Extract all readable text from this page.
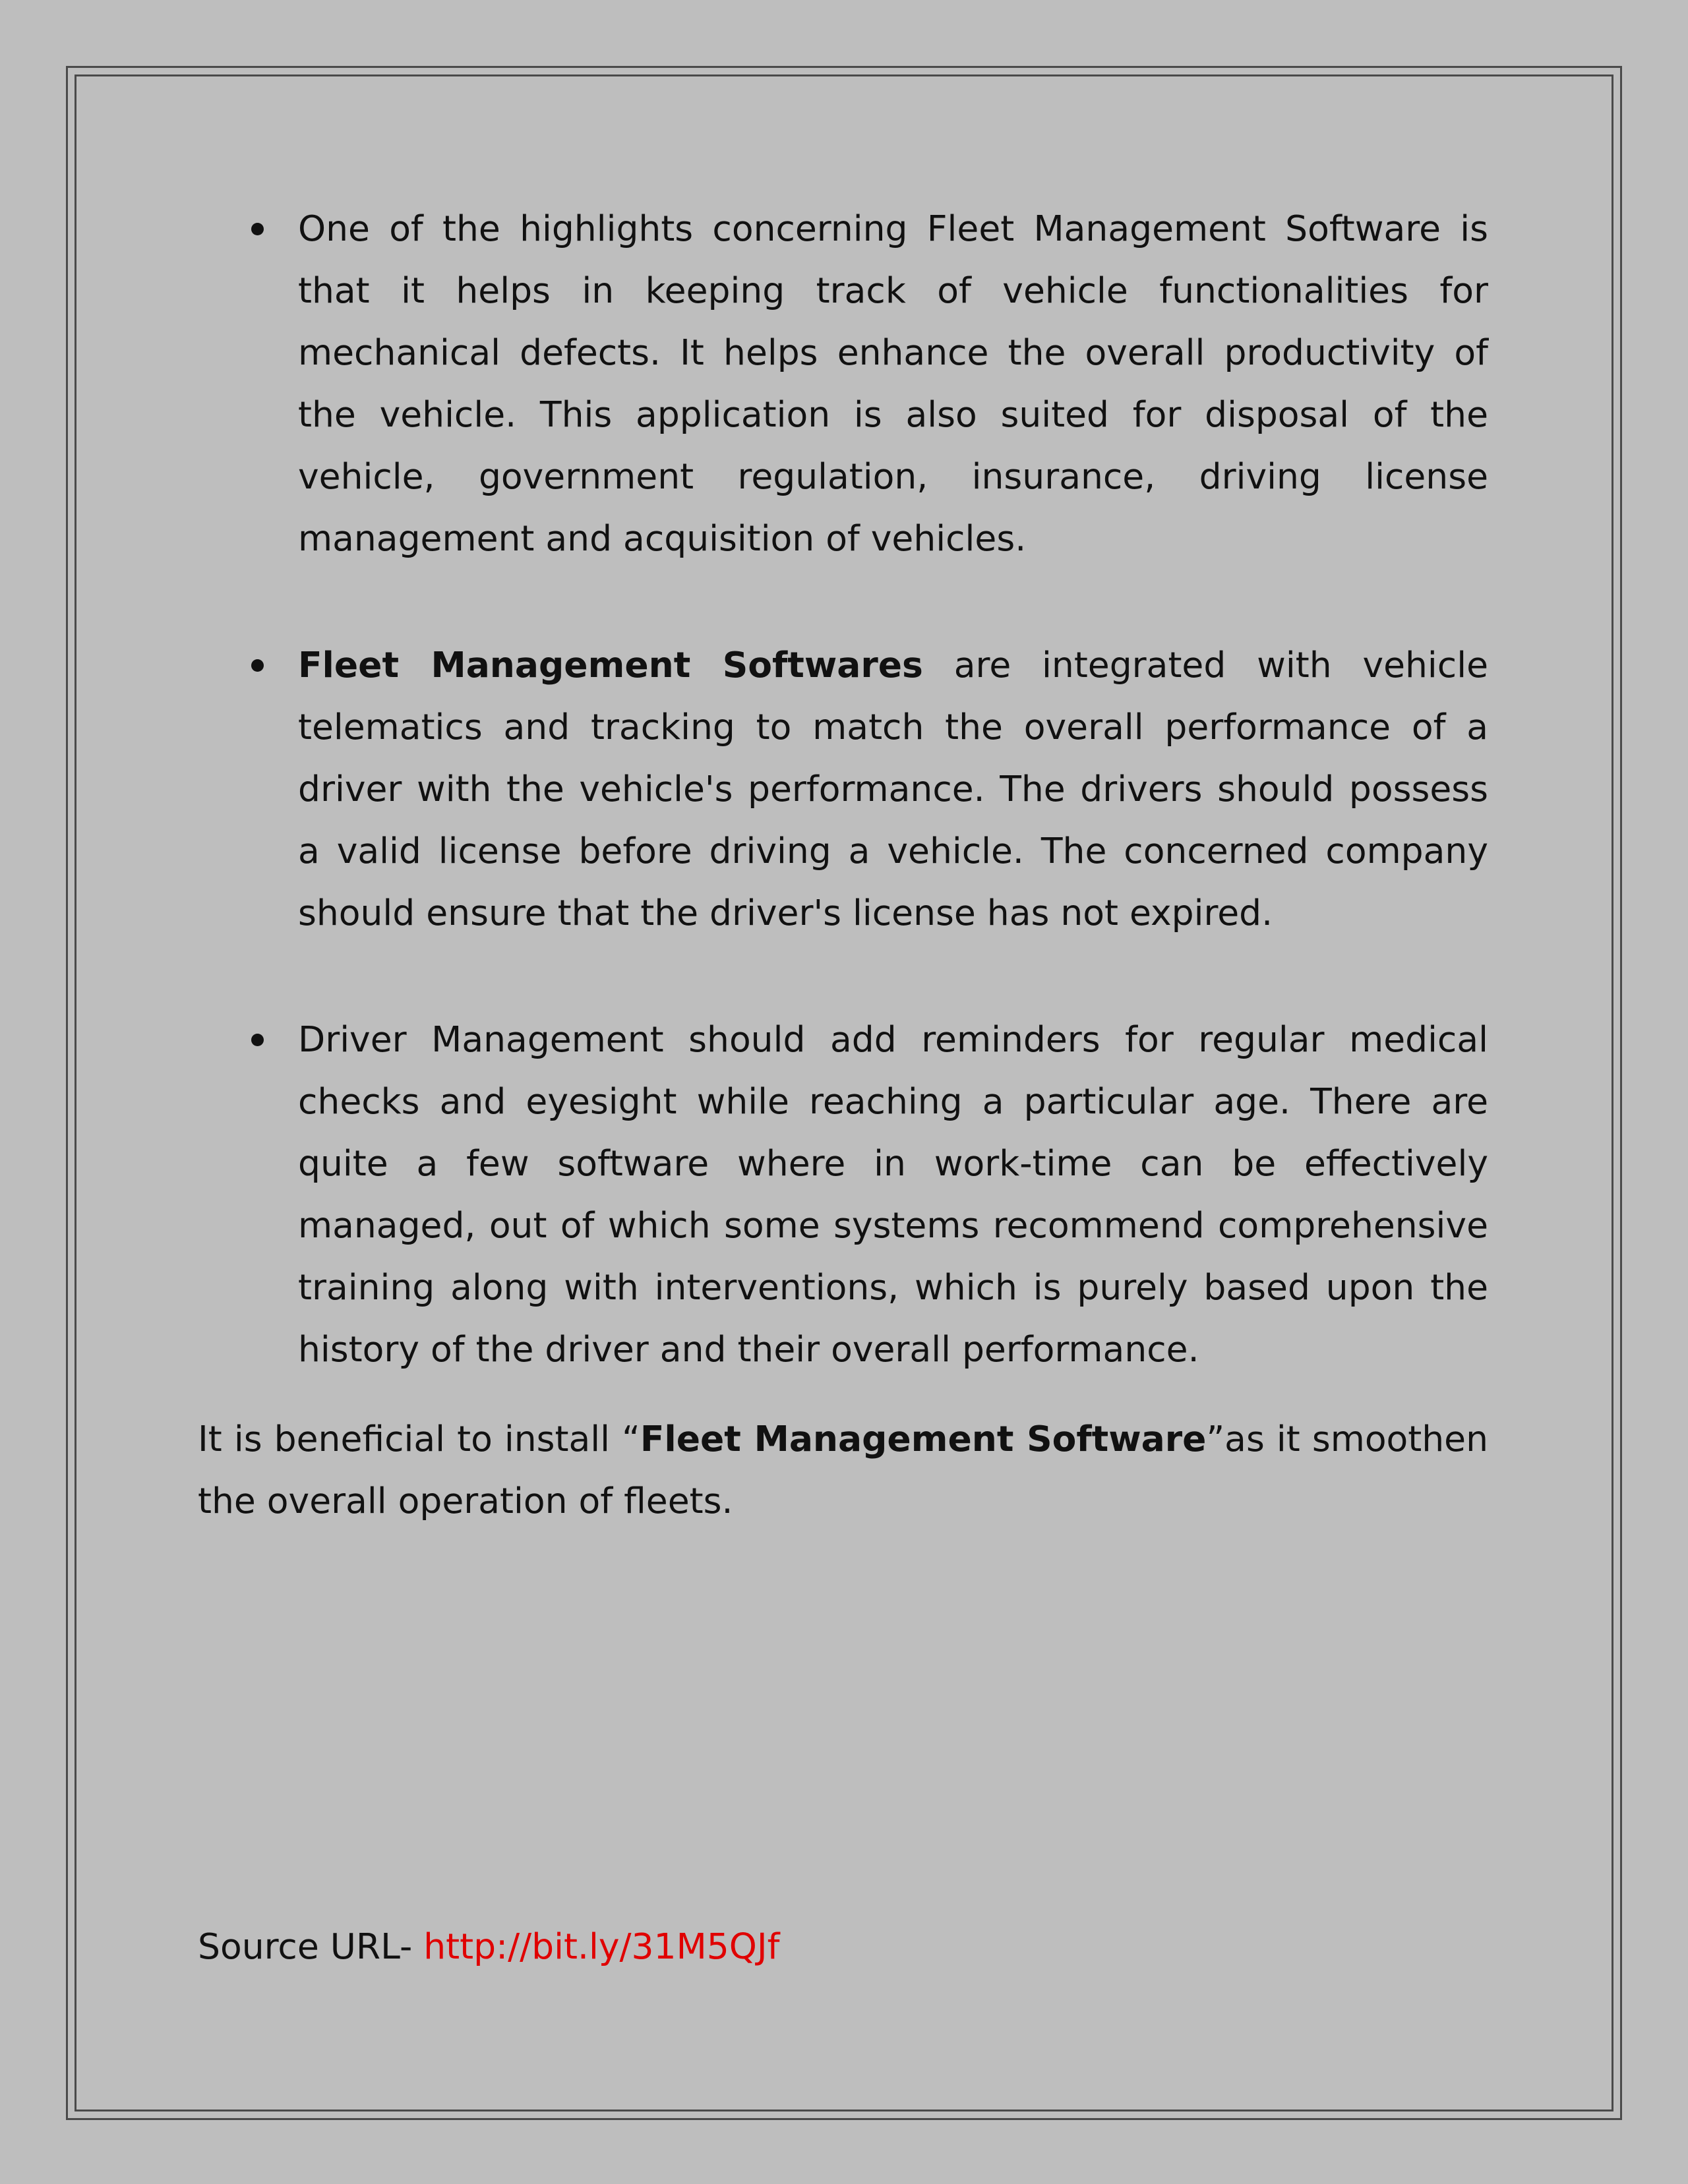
One of the highlights concerning Fleet Management Software is that it helps in keeping track of vehicle functionalities for mechanical defects. It helps enhance the overall productivity of the vehicle. This application is also suited for disposal of the vehicle, government regulation, insurance, driving license management and acquisition of vehicles.
Fleet Management Softwares are integrated with vehicle telematics and tracking to match the overall performance of a driver with the vehicle's performance. The drivers should possess a valid license before driving a vehicle. The concerned company should ensure that the driver's license has not expired.
Driver Management should add reminders for regular medical checks and eyesight while reaching a particular age. There are quite a few software where in work-time can be effectively managed, out of which some systems recommend comprehensive training along with interventions, which is purely based upon the history of the driver and their overall performance.

It is beneficial to install “Fleet Management Software”as it smoothen the overall operation of fleets.

Source URL- http://bit.ly/31M5QJf
